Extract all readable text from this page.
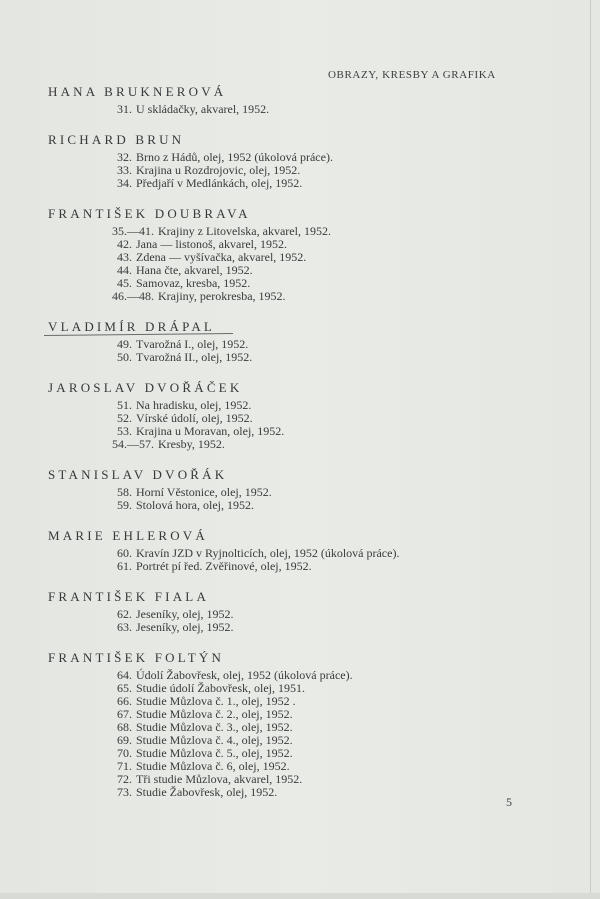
OBRAZY, KRESBY A GRAFIKA
HANA BRUKNEROVÁ
31. U skládačky, akvarel, 1952.
RICHARD BRUN
32. Brno z Hádů, olej, 1952 (úkolová práce).
33. Krajina u Rozdrojovic, olej, 1952.
34. Předjaří v Medlánkách, olej, 1952.
FRANTIŠEK DOUBRAVA
35.—41. Krajiny z Litovelska, akvarel, 1952.
42. Jana — listonoš, akvarel, 1952.
43. Zdena — vyšívačka, akvarel, 1952.
44. Hana čte, akvarel, 1952.
45. Samovaz, kresba, 1952.
46.—48. Krajiny, perokresba, 1952.
VLADIMÍR DRÁPAL
49. Tvarožná I., olej, 1952.
50. Tvarožná II., olej, 1952.
JAROSLAV DVOŘÁČEK
51. Na hradisku, olej, 1952.
52. Vírské údolí, olej, 1952.
53. Krajina u Moravan, olej, 1952.
54.—57. Kresby, 1952.
STANISLAV DVOŘÁK
58. Horní Věstonice, olej, 1952.
59. Stolová hora, olej, 1952.
MARIE EHLEROVÁ
60. Kravín JZD v Ryjnolticích, olej, 1952 (úkolová práce).
61. Portrét pí řed. Zvěřinové, olej, 1952.
FRANTIŠEK FIALA
62. Jeseníky, olej, 1952.
63. Jeseníky, olej, 1952.
FRANTIŠEK FOLTÝN
64. Údolí Žabovřesk, olej, 1952 (úkolová práce).
65. Studie údolí Žabovřesk, olej, 1951.
66. Studie Můzlova č. 1., olej, 1952 .
67. Studie Můzlova č. 2., olej, 1952.
68. Studie Můzlova č. 3., olej, 1952.
69. Studie Můzlova č. 4., olej, 1952.
70. Studie Můzlova č. 5., olej, 1952.
71. Studie Můzlova č. 6, olej, 1952.
72. Tři studie Můzlova, akvarel, 1952.
73. Studie Žabovřesk, olej, 1952.
5
